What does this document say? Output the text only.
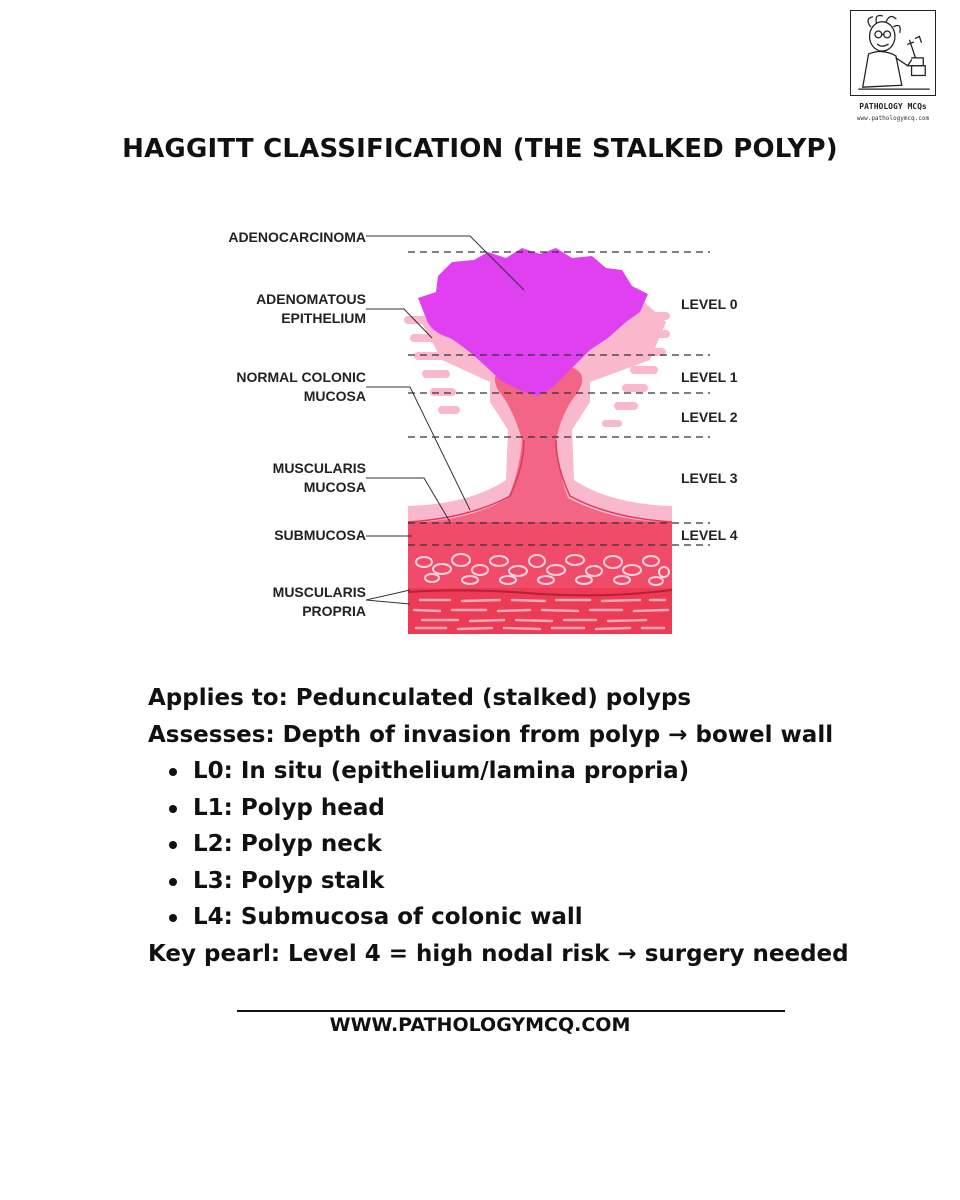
PATHOLOGY MCQs
www.pathologymcq.com
HAGGITT CLASSIFICATION (THE STALKED POLYP)
ADENOCARCINOMA
ADENOMATOUS
EPITHELIUM
NORMAL COLONIC
MUCOSA
MUSCULARIS
MUCOSA
SUBMUCOSA
MUSCULARIS
PROPRIA
LEVEL 0
LEVEL 1
LEVEL 2
LEVEL 3
LEVEL 4
Applies to: Pedunculated (stalked) polyps
Assesses: Depth of invasion from polyp → bowel wall
L0: In situ (epithelium/lamina propria)
L1: Polyp head
L2: Polyp neck
L3: Polyp stalk
L4: Submucosa of colonic wall
Key pearl: Level 4 = high nodal risk → surgery needed
WWW.PATHOLOGYMCQ.COM
